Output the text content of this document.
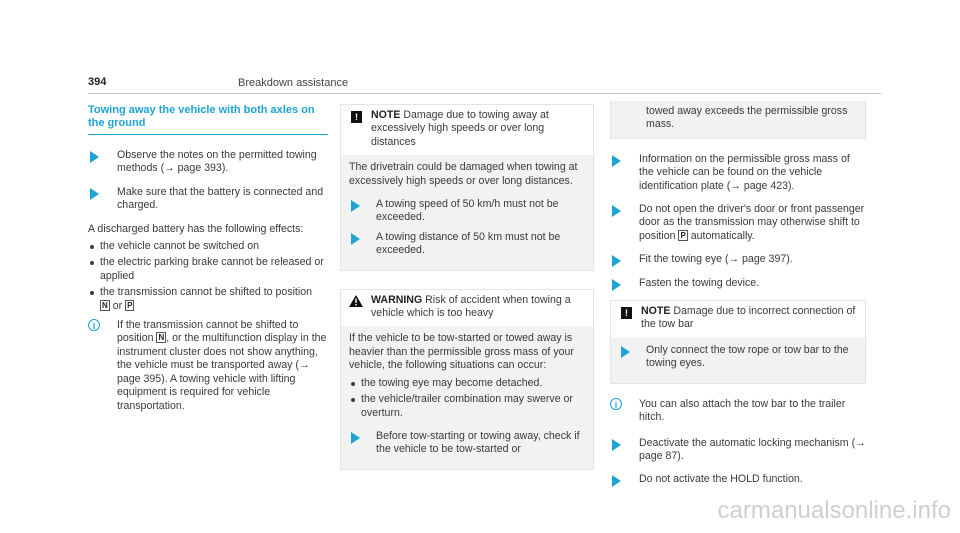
394	Breakdown assistance
Towing away the vehicle with both axles on the ground
Observe the notes on the permitted towing methods (→ page 393).
Make sure that the battery is connected and charged.
A discharged battery has the following effects:
the vehicle cannot be switched on
the electric parking brake cannot be released or applied
the transmission cannot be shifted to position
N or P
i	If the transmission cannot be shifted to position N , or the multifunction display in the instrument cluster does not show anything, the vehicle must be transported away (→ page 395). A towing vehicle with lifting equipment is required for vehicle transportation.
!	NOTE Damage due to towing away at excessively high speeds or over long distances
The drivetrain could be damaged when towing at excessively high speeds or over long distances.
A towing speed of 50 km/h must not be exceeded.
A towing distance of 50 km must not be exceeded.
WARNING Risk of accident when towing a vehicle which is too heavy
If the vehicle to be tow-started or towed away is heavier than the permissible gross mass of your vehicle, the following situations can occur:
the towing eye may become detached.
the vehicle/trailer combination may swerve or overturn.
Before tow-starting or towing away, check if the vehicle to be tow-started or
towed away exceeds the permissible gross mass.
Information on the permissible gross mass of the vehicle can be found on the vehicle identification plate (→ page 423).
Do not open the driver's door or front passenger door as the transmission may otherwise shift to position P automatically.
Fit the towing eye (→ page 397).
Fasten the towing device.
!	NOTE Damage due to incorrect connection of the tow bar
Only connect the tow rope or tow bar to the towing eyes.
i	You can also attach the tow bar to the trailer hitch.
Deactivate the automatic locking mechanism (→ page 87).
Do not activate the HOLD function.
carmanualsonline.info
